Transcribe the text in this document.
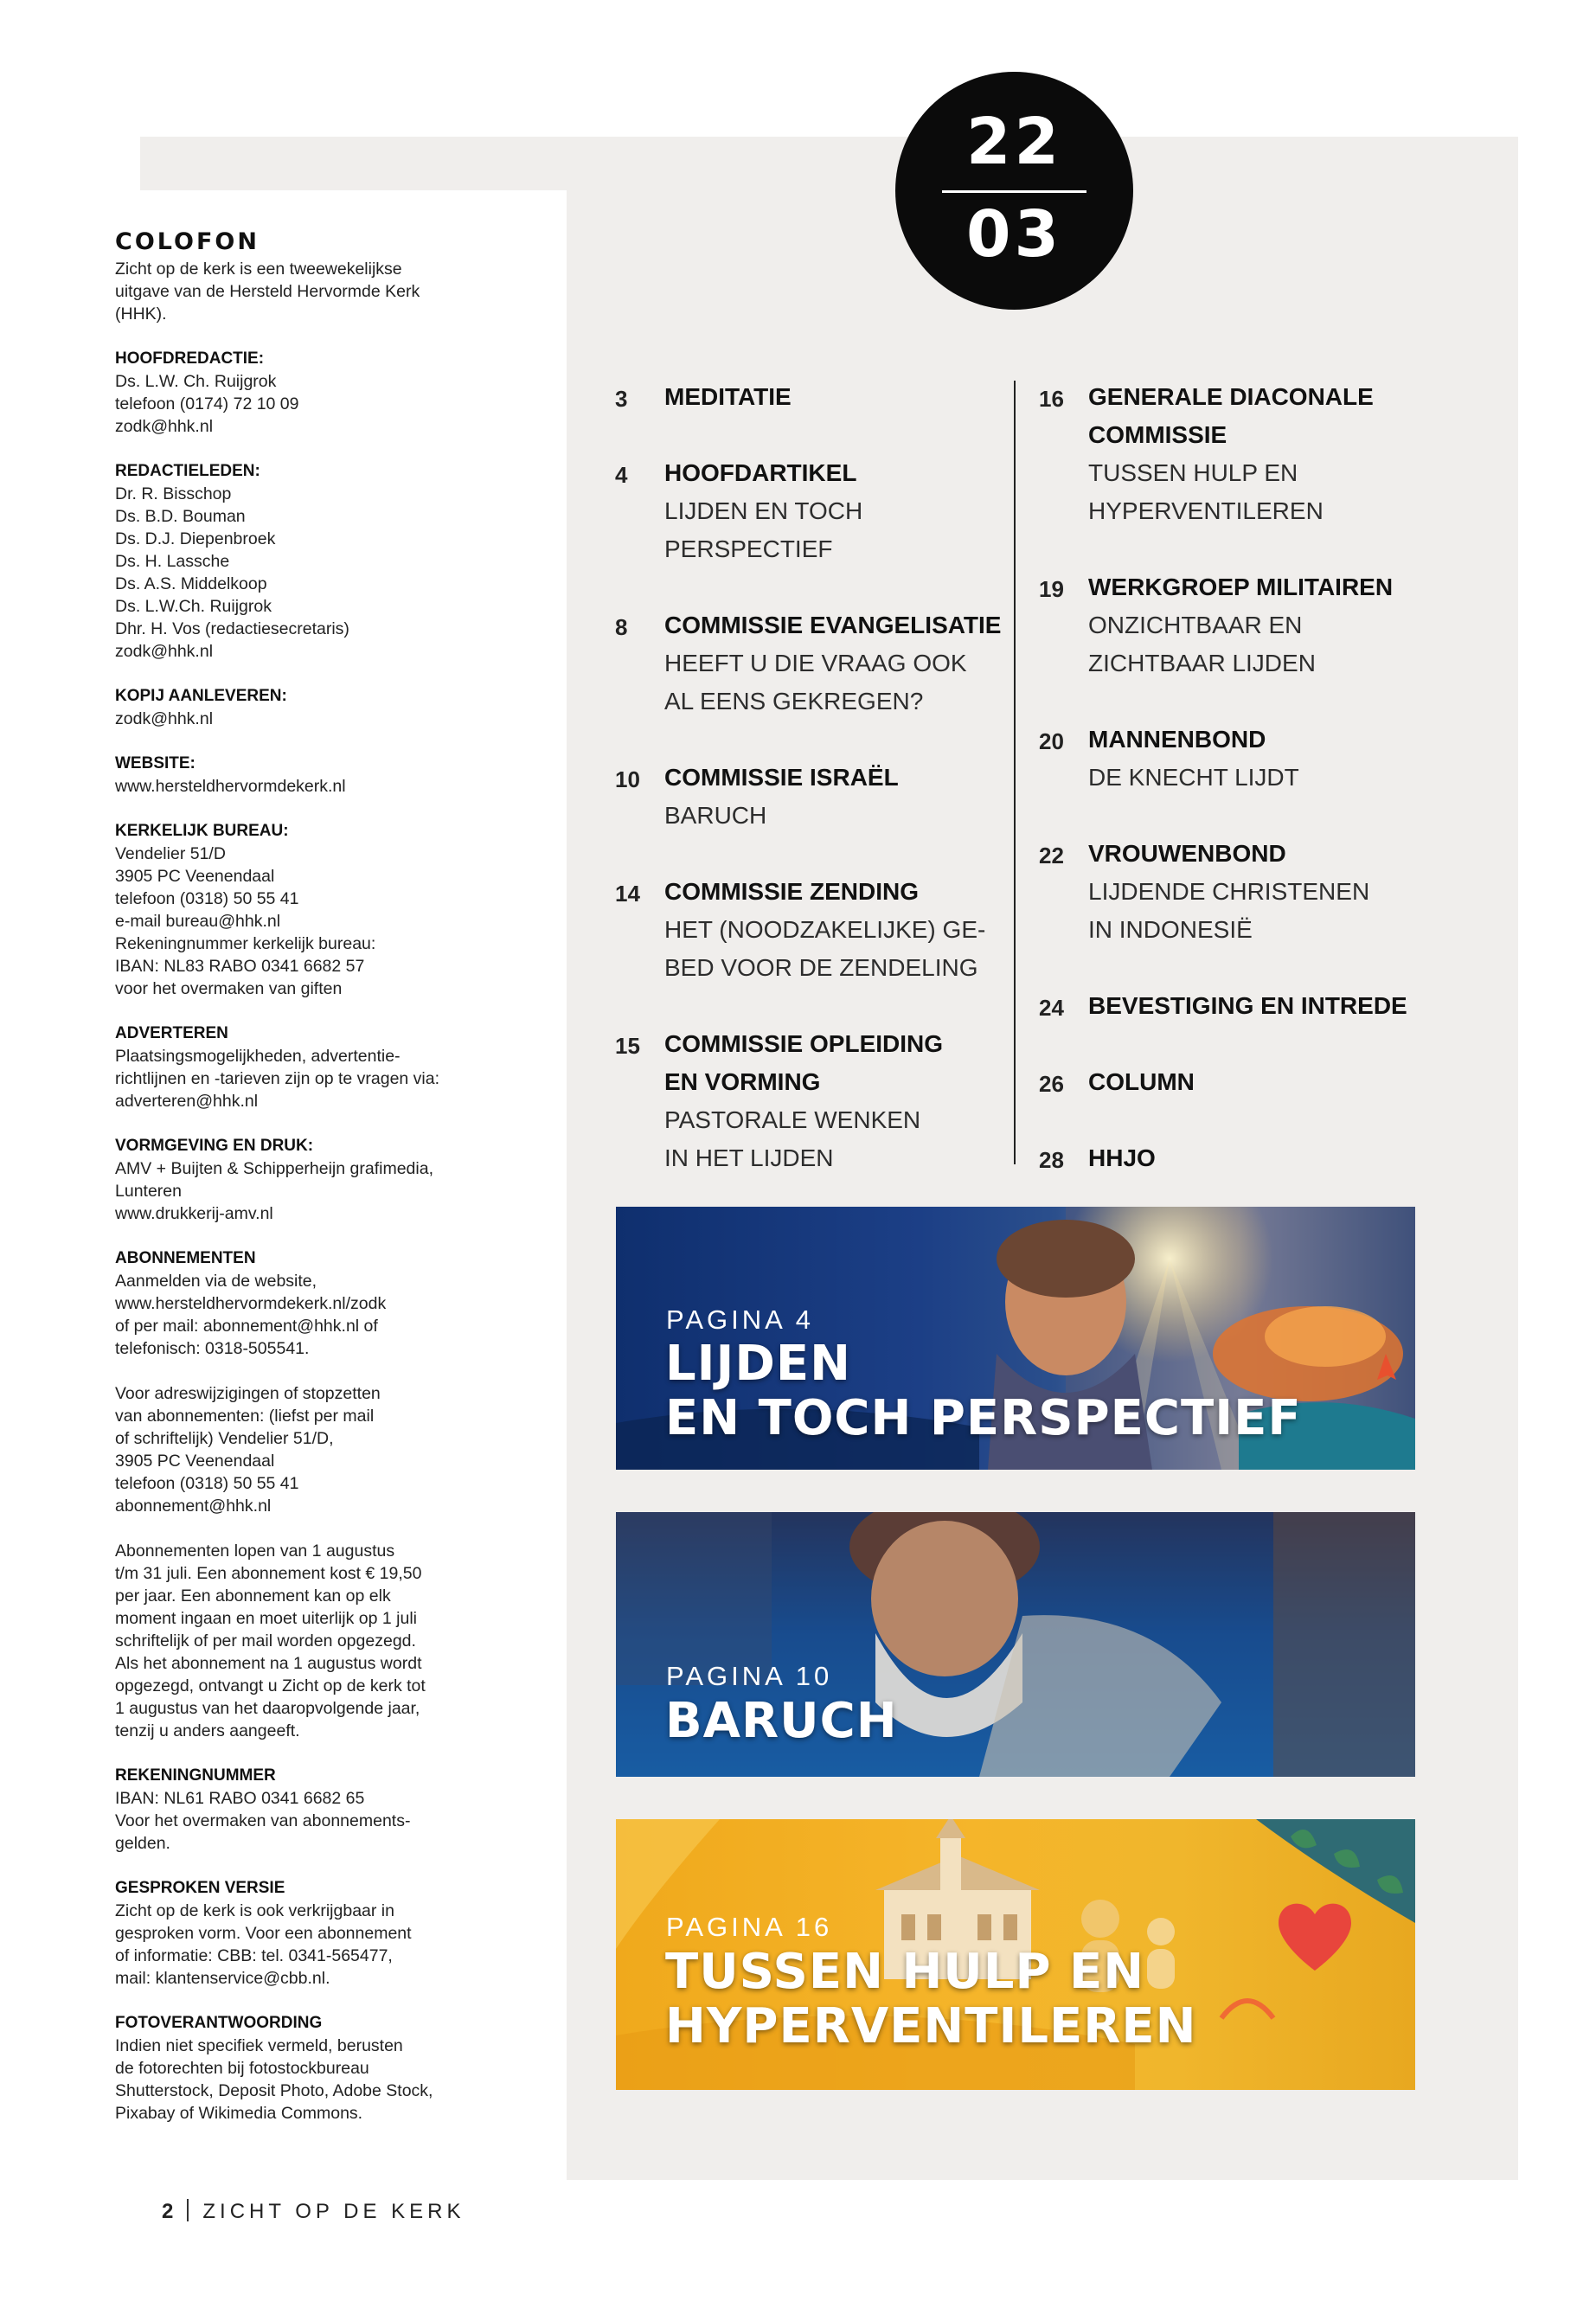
22
03
COLOFON
Zicht op de kerk is een tweewekelijkse
uitgave van de Hersteld Hervormde Kerk
(HHK).
HOOFDREDACTIE:
Ds. L.W. Ch. Ruijgrok
telefoon (0174) 72 10 09
zodk@hhk.nl
REDACTIELEDEN:
Dr. R. Bisschop
Ds. B.D. Bouman
Ds. D.J. Diepenbroek
Ds. H. Lassche
Ds. A.S. Middelkoop
Ds. L.W.Ch. Ruijgrok
Dhr. H. Vos (redactiesecretaris)
zodk@hhk.nl
KOPIJ AANLEVEREN:
zodk@hhk.nl
WEBSITE:
www.hersteldhervormdekerk.nl
KERKELIJK BUREAU:
Vendelier 51/D
3905 PC Veenendaal
telefoon (0318) 50 55 41
e-mail bureau@hhk.nl
Rekeningnummer kerkelijk bureau:
IBAN: NL83 RABO 0341 6682 57
voor het overmaken van giften
ADVERTEREN
Plaatsingsmogelijkheden, advertentie-
richtlijnen en -tarieven zijn op te vragen via:
adverteren@hhk.nl
VORMGEVING EN DRUK:
AMV + Buijten & Schipperheijn grafimedia,
Lunteren
www.drukkerij-amv.nl
ABONNEMENTEN
Aanmelden via de website,
www.hersteldhervormdekerk.nl/zodk
of per mail: abonnement@hhk.nl of
telefonisch: 0318-505541.
Voor adreswijzigingen of stopzetten
van abonnementen: (liefst per mail
of schriftelijk) Vendelier 51/D,
3905 PC Veenendaal
telefoon (0318) 50 55 41
abonnement@hhk.nl
Abonnementen lopen van 1 augustus
t/m 31 juli. Een abonnement kost € 19,50
per jaar. Een abonnement kan op elk
moment ingaan en moet uiterlijk op 1 juli
schriftelijk of per mail worden opgezegd.
Als het abonnement na 1 augustus wordt
opgezegd, ontvangt u Zicht op de kerk tot
1 augustus van het daaropvolgende jaar,
tenzij u anders aangeeft.
REKENINGNUMMER
IBAN: NL61 RABO 0341 6682 65
Voor het overmaken van abonnements-
gelden.
GESPROKEN VERSIE
Zicht op de kerk is ook verkrijgbaar in
gesproken vorm. Voor een abonnement
of informatie: CBB: tel. 0341-565477,
mail: klantenservice@cbb.nl.
FOTOVERANTWOORDING
Indien niet specifiek vermeld, berusten
de fotorechten bij fotostockbureau
Shutterstock, Deposit Photo, Adobe Stock,
Pixabay of Wikimedia Commons.
3 MEDITATIE
4 HOOFDARTIKEL
LIJDEN EN TOCH
PERSPECTIEF
8 COMMISSIE EVANGELISATIE
HEEFT U DIE VRAAG OOK
AL EENS GEKREGEN?
10 COMMISSIE ISRAËL
BARUCH
14 COMMISSIE ZENDING
HET (NOODZAKELIJKE) GE-
BED VOOR DE ZENDELING
15 COMMISSIE OPLEIDING
EN VORMING
PASTORALE WENKEN
IN HET LIJDEN
16 GENERALE DIACONALE
COMMISSIE
TUSSEN HULP EN
HYPERVENTILEREN
19 WERKGROEP MILITAIREN
ONZICHTBAAR EN
ZICHTBAAR LIJDEN
20 MANNENBOND
DE KNECHT LIJDT
22 VROUWENBOND
LIJDENDE CHRISTENEN
IN INDONESIË
24 BEVESTIGING EN INTREDE
26 COLUMN
28 HHJO
PAGINA 4
LIJDEN
EN TOCH PERSPECTIEF
PAGINA 10
BARUCH
PAGINA 16
TUSSEN HULP EN
HYPERVENTILEREN
2 ZICHT OP DE KERK
